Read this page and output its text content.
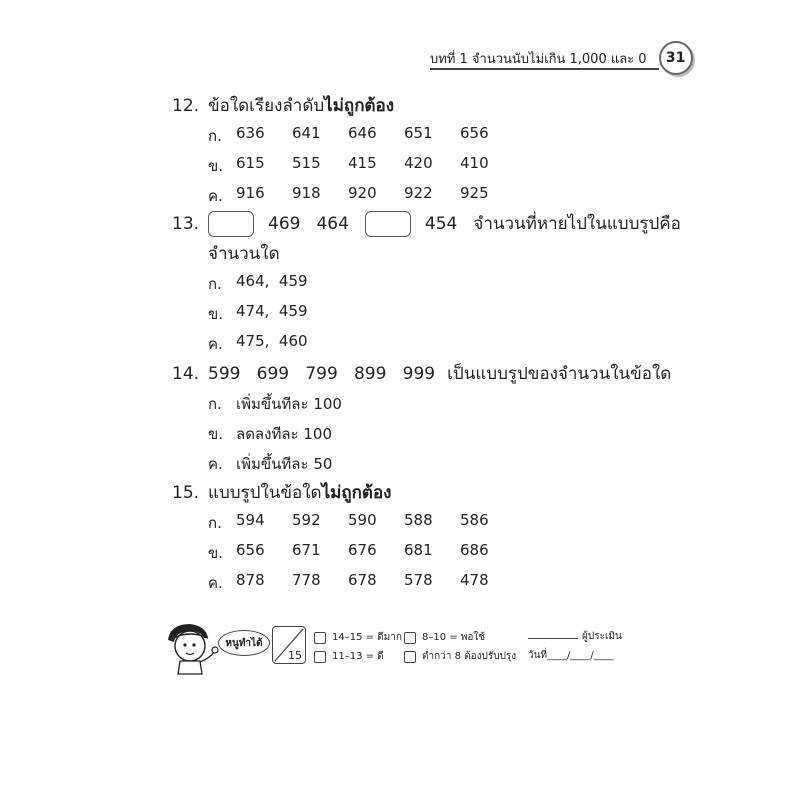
บทที่ 1 จำนวนนับไม่เกิน 1,000 และ 0	31
12. ข้อใดเรียงลำดับไม่ถูกต้อง
ก. 636	641	646	651	656
ข. 615	515	415	420	410
ค. 916	918	920	922	925
13.	469 464	454 จำนวนที่หายไปในแบบรูปคือ
จำนวนใด
ก. 464,  459
ข. 474,  459
ค. 475,  460
14. 599   699   799   899   999 เป็นแบบรูปของจำนวนในข้อใด
ก. เพิ่มขึ้นทีละ 100
ข. ลดลงทีละ 100
ค. เพิ่มขึ้นทีละ 50
15. แบบรูปในข้อใดไม่ถูกต้อง
ก. 594	592	590	588	586
ข. 656	671	676	681	686
ค. 878	778	678	578	478
หนูทำได้
15
14–15 = ดีมาก 8–10 = พอใช้
11–13 = ดี	ต่ำกว่า 8 ต้องปรับปรุง
ผู้ประเมิน
วันที่____/____/____
